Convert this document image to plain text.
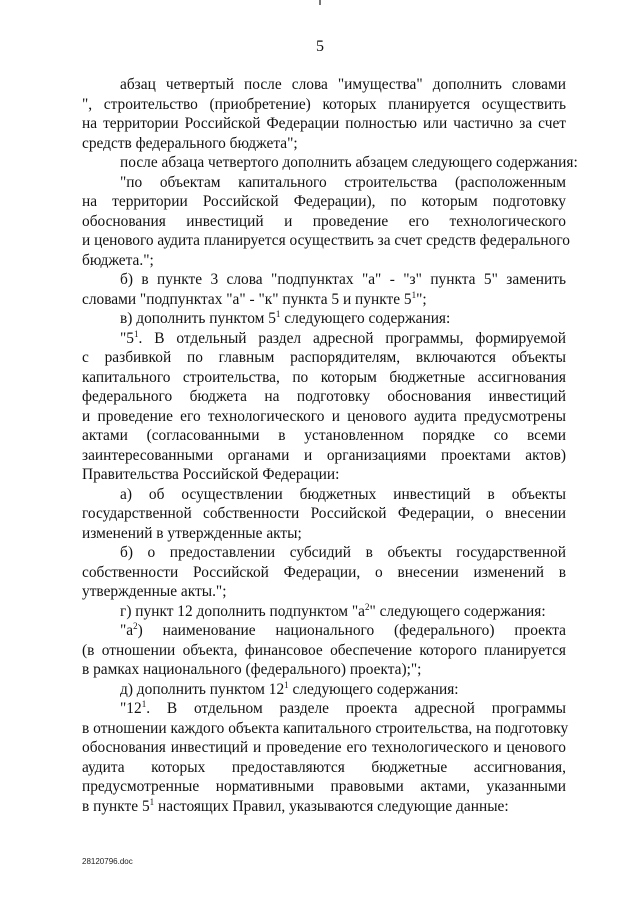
5
абзац четвертый после слова "имущества" дополнить словами
", строительство (приобретение) которых планируется осуществить
на территории Российской Федерации полностью или частично за счет
средств федерального бюджета";
после абзаца четвертого дополнить абзацем следующего содержания:
"по объектам капитального строительства (расположенным
на территории Российской Федерации), по которым подготовку
обоснования инвестиций и проведение его технологического
и ценового аудита планируется осуществить за счет средств федерального
бюджета.";
б) в пункте 3 слова "подпунктах "а" - "з" пункта 5" заменить
словами "подпунктах "а" - "к" пункта 5 и пункте $5^1$";
в) дополнить пунктом $5^1$ следующего содержания:
"$5^1$. В отдельный раздел адресной программы, формируемой
с разбивкой по главным распорядителям, включаются объекты
капитального строительства, по которым бюджетные ассигнования
федерального бюджета на подготовку обоснования инвестиций
и проведение его технологического и ценового аудита предусмотрены
актами (согласованными в установленном порядке со всеми
заинтересованными органами и организациями проектами актов)
Правительства Российской Федерации:
а) об осуществлении бюджетных инвестиций в объекты
государственной собственности Российской Федерации, о внесении
изменений в утвержденные акты;
б) о предоставлении субсидий в объекты государственной
собственности Российской Федерации, о внесении изменений в
утвержденные акты.";
г) пункт 12 дополнить подпунктом "$а^2$" следующего содержания:
"$а^2$) наименование национального (федерального) проекта
(в отношении объекта, финансовое обеспечение которого планируется
в рамках национального (федерального) проекта);";
д) дополнить пунктом $12^1$ следующего содержания:
"$12^1$. В отдельном разделе проекта адресной программы
в отношении каждого объекта капитального строительства, на подготовку
обоснования инвестиций и проведение его технологического и ценового
аудита которых предоставляются бюджетные ассигнования,
предусмотренные нормативными правовыми актами, указанными
в пункте $5^1$ настоящих Правил, указываются следующие данные:
28120796.doc
